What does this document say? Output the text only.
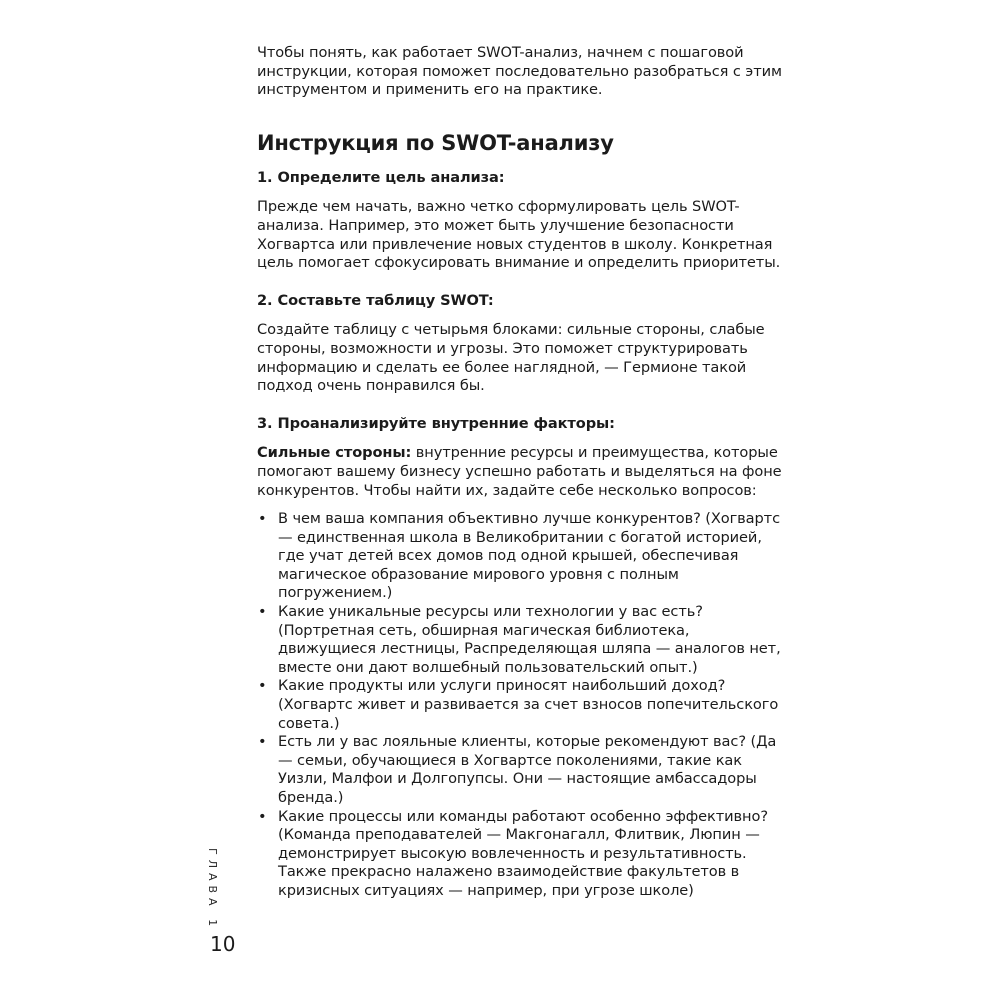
Чтобы понять, как работает SWOT-анализ, начнем с пошаговой инструкции, которая поможет последовательно разобраться с этим инструментом и применить его на практике.

Инструкция по SWOT-анализу
1. Определите цель анализа:

Прежде чем начать, важно четко сформулировать цель SWOT-анализа. Например, это может быть улучшение безопасности Хогвартса или привлечение новых студентов в школу. Конкретная цель помогает сфокусировать внимание и определить приоритеты.

2. Составьте таблицу SWOT:

Создайте таблицу с четырьмя блоками: сильные стороны, слабые стороны, возможности и угрозы. Это поможет структурировать информацию и сделать ее более наглядной, — Гермионе такой подход очень понравился бы.

3. Проанализируйте внутренние факторы:

Сильные стороны: внутренние ресурсы и преимущества, которые помогают вашему бизнесу успешно работать и выделяться на фоне конкурентов. Чтобы найти их, задайте себе несколько вопросов:

• В чем ваша компания объективно лучше конкурентов? (Хогвартс — единственная школа в Великобритании с богатой историей, где учат детей всех домов под одной крышей, обеспечивая магическое образование мирового уровня с полным погружением.)
• Какие уникальные ресурсы или технологии у вас есть? (Портретная сеть, обширная магическая библиотека, движущиеся лестницы, Распределяющая шляпа — аналогов нет, вместе они дают волшебный пользовательский опыт.)
• Какие продукты или услуги приносят наибольший доход? (Хогвартс живет и развивается за счет взносов попечительского совета.)
• Есть ли у вас лояльные клиенты, которые рекомендуют вас? (Да — семьи, обучающиеся в Хогвартсе поколениями, такие как Уизли, Малфои и Долгопупсы. Они — настоящие амбассадоры бренда.)
• Какие процессы или команды работают особенно эффективно? (Команда преподавателей — Макгонагалл, Флитвик, Люпин — демонстрирует высокую вовлеченность и результативность. Также прекрасно налажено взаимодействие факультетов в кризисных ситуациях — например, при угрозе школе)
ГЛАВА 1
10
